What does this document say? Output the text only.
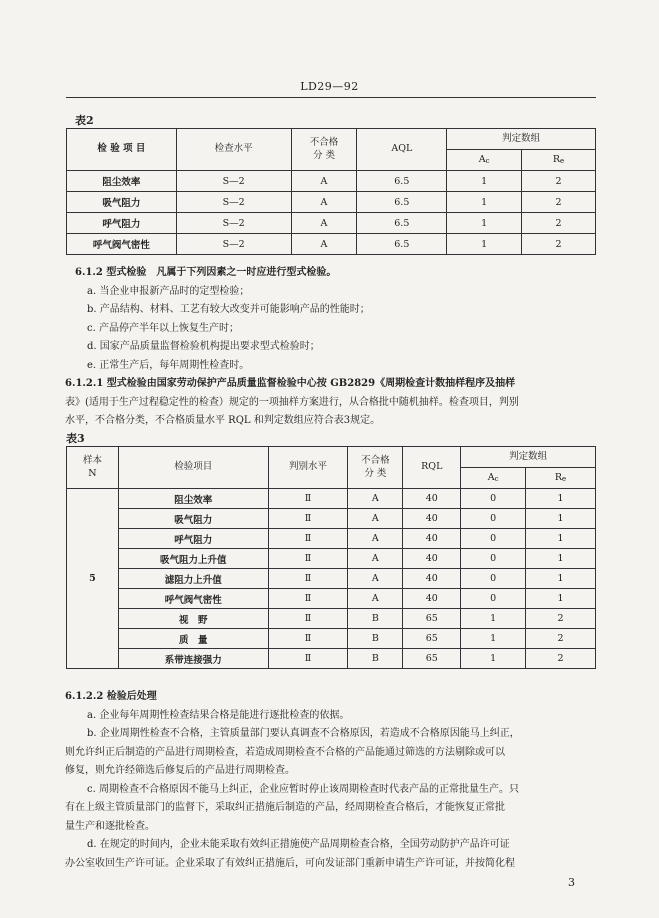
LD29—92
表2
检 验 项 目	检查水平	不合格
分 类	AQL	判定数组	
				Ac	Re
阻尘效率	S—2	A	6.5	1	2
吸气阻力	S—2	A	6.5	1	2
呼气阻力	S—2	A	6.5	1	2
呼气阀气密性	S—2	A	6.5	1	2

6.1.2 型式检验　凡属于下列因素之一时应进行型式检验。

a. 当企业申报新产品时的定型检验；

b. 产品结构、材料、工艺有较大改变并可能影响产品的性能时；

c. 产品停产半年以上恢复生产时；

d. 国家产品质量监督检验机构提出要求型式检验时；

e. 正常生产后，每年周期性检查时。

6.1.2.1 型式检验由国家劳动保护产品质量监督检验中心按 GB2829《周期检查计数抽样程序及抽样

表》(适用于生产过程稳定性的检查）规定的一项抽样方案进行，从合格批中随机抽样。检查项目，判别

水平，不合格分类，不合格质量水平 RQL 和判定数组应符合表3规定。

表3
样本
N	检验项目	判别水平	不合格
分 类	RQL	判定数组	
					Ac	Re
5	阻尘效率	Ⅱ	A	40	0	1
	吸气阻力	Ⅱ	A	40	0	1
	呼气阻力	Ⅱ	A	40	0	1
	吸气阻力上升值	Ⅱ	A	40	0	1
	滤阻力上升值	Ⅱ	A	40	0	1
	呼气阀气密性	Ⅱ	A	40	0	1
	视　野	Ⅱ	B	65	1	2
	质　量	Ⅱ	B	65	1	2
	系带连接强力	Ⅱ	B	65	1	2

6.1.2.2 检验后处理

a. 企业每年周期性检查结果合格是能进行逐批检查的依据。

b. 企业周期性检查不合格，主管质量部门要认真调查不合格原因，若造成不合格原因能马上纠正，

则允许纠正后制造的产品进行周期检查，若造成周期检查不合格的产品能通过筛选的方法剔除或可以

修复，则允许经筛选后修复后的产品进行周期检查。

c. 周期检查不合格原因不能马上纠正，企业应暂时停止该周期检查时代表产品的正常批量生产。只

有在上级主管质量部门的监督下，采取纠正措施后制造的产品，经周期检查合格后，才能恢复正常批

量生产和逐批检查。

d. 在规定的时间内，企业未能采取有效纠正措施使产品周期检查合格，全国劳动防护产品许可证

办公室收回生产许可证。企业采取了有效纠正措施后，可向发证部门重新申请生产许可证，并按简化程

3
